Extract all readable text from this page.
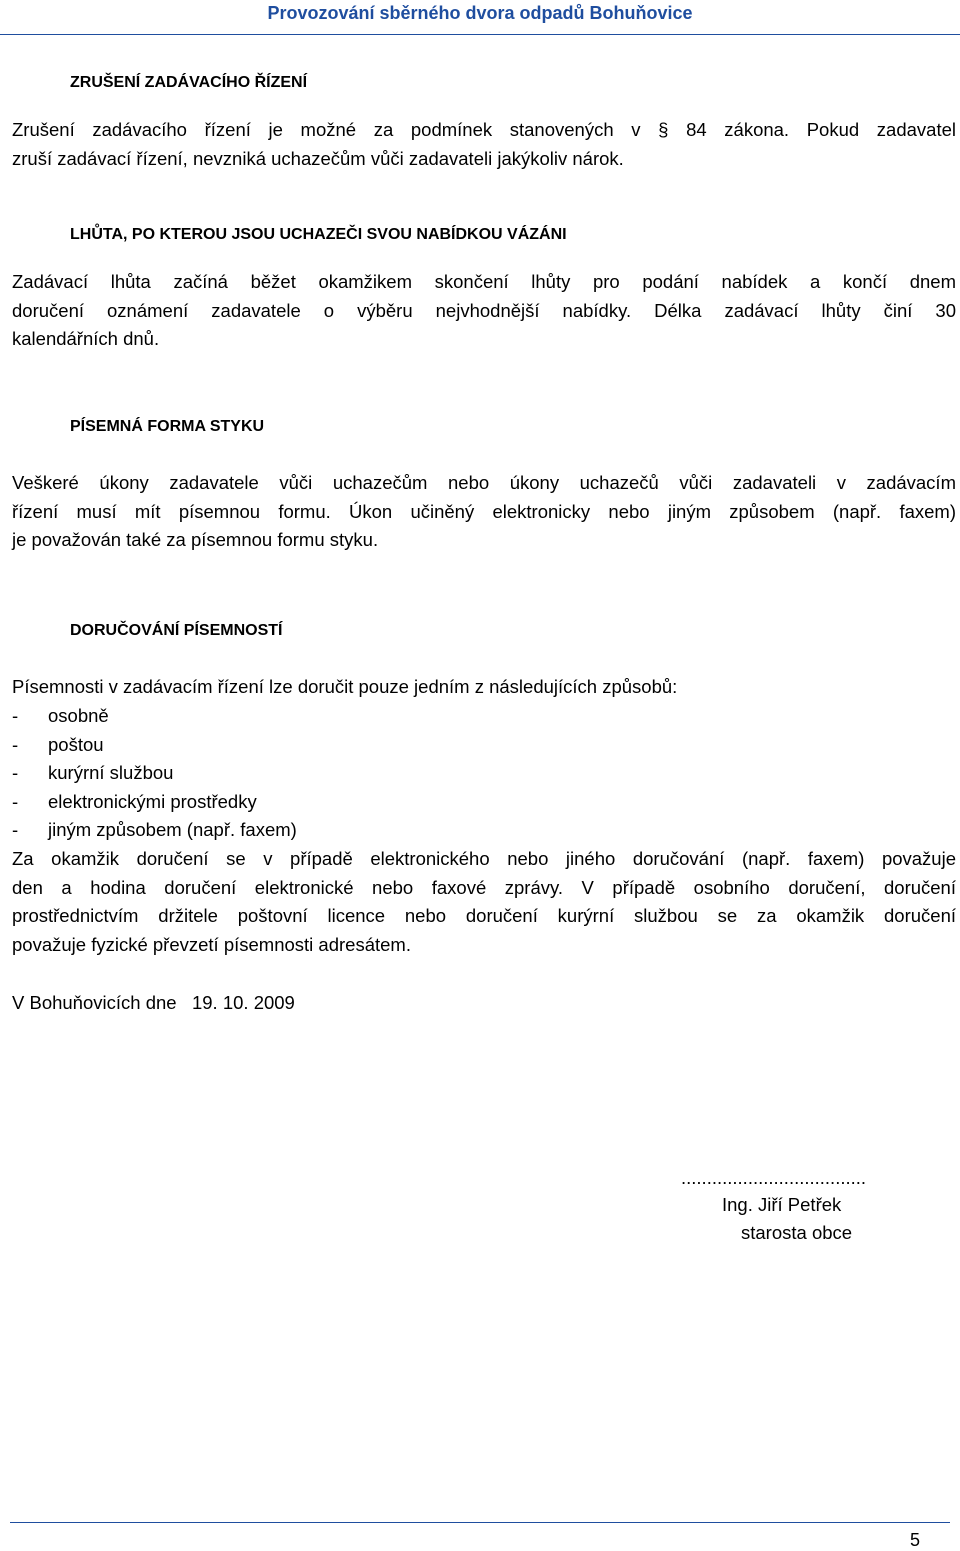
Provozování sběrného dvora odpadů Bohuňovice
ZRUŠENÍ ZADÁVACÍHO ŘÍZENÍ
Zrušení zadávacího řízení je možné za podmínek stanovených v § 84 zákona. Pokud zadavatel
zruší zadávací řízení, nevzniká uchazečům vůči zadavateli jakýkoliv nárok.
LHŮTA, PO KTEROU JSOU UCHAZEČI SVOU NABÍDKOU VÁZÁNI
Zadávací lhůta začíná běžet okamžikem skončení lhůty pro podání nabídek a končí dnem
doručení oznámení zadavatele o výběru nejvhodnější nabídky. Délka zadávací lhůty činí 30
kalendářních dnů.
PÍSEMNÁ FORMA STYKU
Veškeré úkony zadavatele vůči uchazečům nebo úkony uchazečů vůči zadavateli v zadávacím
řízení musí mít písemnou formu. Úkon učiněný elektronicky nebo jiným způsobem (např. faxem)
je považován také za písemnou formu styku.
DORUČOVÁNÍ PÍSEMNOSTÍ
Písemnosti v zadávacím řízení lze doručit pouze jedním z následujících způsobů:
- osobně
- poštou
- kurýrní službou
- elektronickými prostředky
- jiným způsobem (např. faxem)
Za okamžik doručení se v případě elektronického nebo jiného doručování (např. faxem) považuje
den a hodina doručení elektronické nebo faxové zprávy. V případě osobního doručení, doručení
prostřednictvím držitele poštovní licence nebo doručení kurýrní službou se za okamžik doručení
považuje fyzické převzetí písemnosti adresátem.
V Bohuňovicích dne   19. 10. 2009
....................................
Ing. Jiří Petřek
starosta obce
5
